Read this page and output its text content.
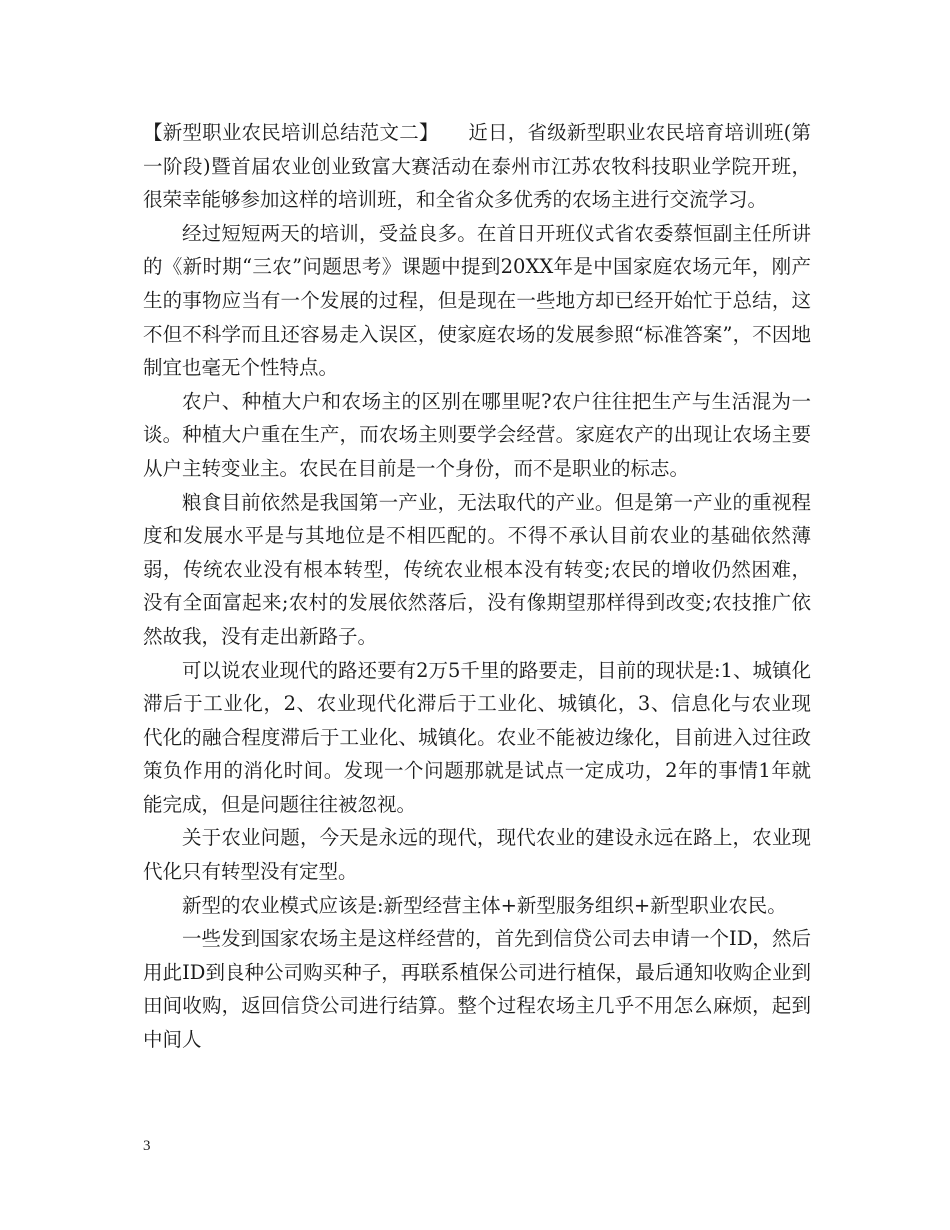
【新型职业农民培训总结范文二】　　近日，省级新型职业农民培育培训班(第一阶段)暨首届农业创业致富大赛活动在泰州市江苏农牧科技职业学院开班，很荣幸能够参加这样的培训班，和全省众多优秀的农场主进行交流学习。

经过短短两天的培训，受益良多。在首日开班仪式省农委蔡恒副主任所讲的《新时期“三农”问题思考》课题中提到20XX年是中国家庭农场元年，刚产生的事物应当有一个发展的过程，但是现在一些地方却已经开始忙于总结，这不但不科学而且还容易走入误区，使家庭农场的发展参照“标准答案”，不因地制宜也毫无个性特点。

农户、种植大户和农场主的区别在哪里呢?农户往往把生产与生活混为一谈。种植大户重在生产，而农场主则要学会经营。家庭农产的出现让农场主要从户主转变业主。农民在目前是一个身份，而不是职业的标志。

粮食目前依然是我国第一产业，无法取代的产业。但是第一产业的重视程度和发展水平是与其地位是不相匹配的。不得不承认目前农业的基础依然薄弱，传统农业没有根本转型，传统农业根本没有转变;农民的增收仍然困难，没有全面富起来;农村的发展依然落后，没有像期望那样得到改变;农技推广依然故我，没有走出新路子。

可以说农业现代的路还要有2万5千里的路要走，目前的现状是:1、城镇化滞后于工业化，2、农业现代化滞后于工业化、城镇化，3、信息化与农业现代化的融合程度滞后于工业化、城镇化。农业不能被边缘化，目前进入过往政策负作用的消化时间。发现一个问题那就是试点一定成功，2年的事情1年就能完成，但是问题往往被忽视。

关于农业问题，今天是永远的现代，现代农业的建设永远在路上，农业现代化只有转型没有定型。

新型的农业模式应该是:新型经营主体+新型服务组织+新型职业农民。

一些发到国家农场主是这样经营的，首先到信贷公司去申请一个ID，然后用此ID到良种公司购买种子，再联系植保公司进行植保，最后通知收购企业到田间收购，返回信贷公司进行结算。整个过程农场主几乎不用怎么麻烦，起到中间人

3
